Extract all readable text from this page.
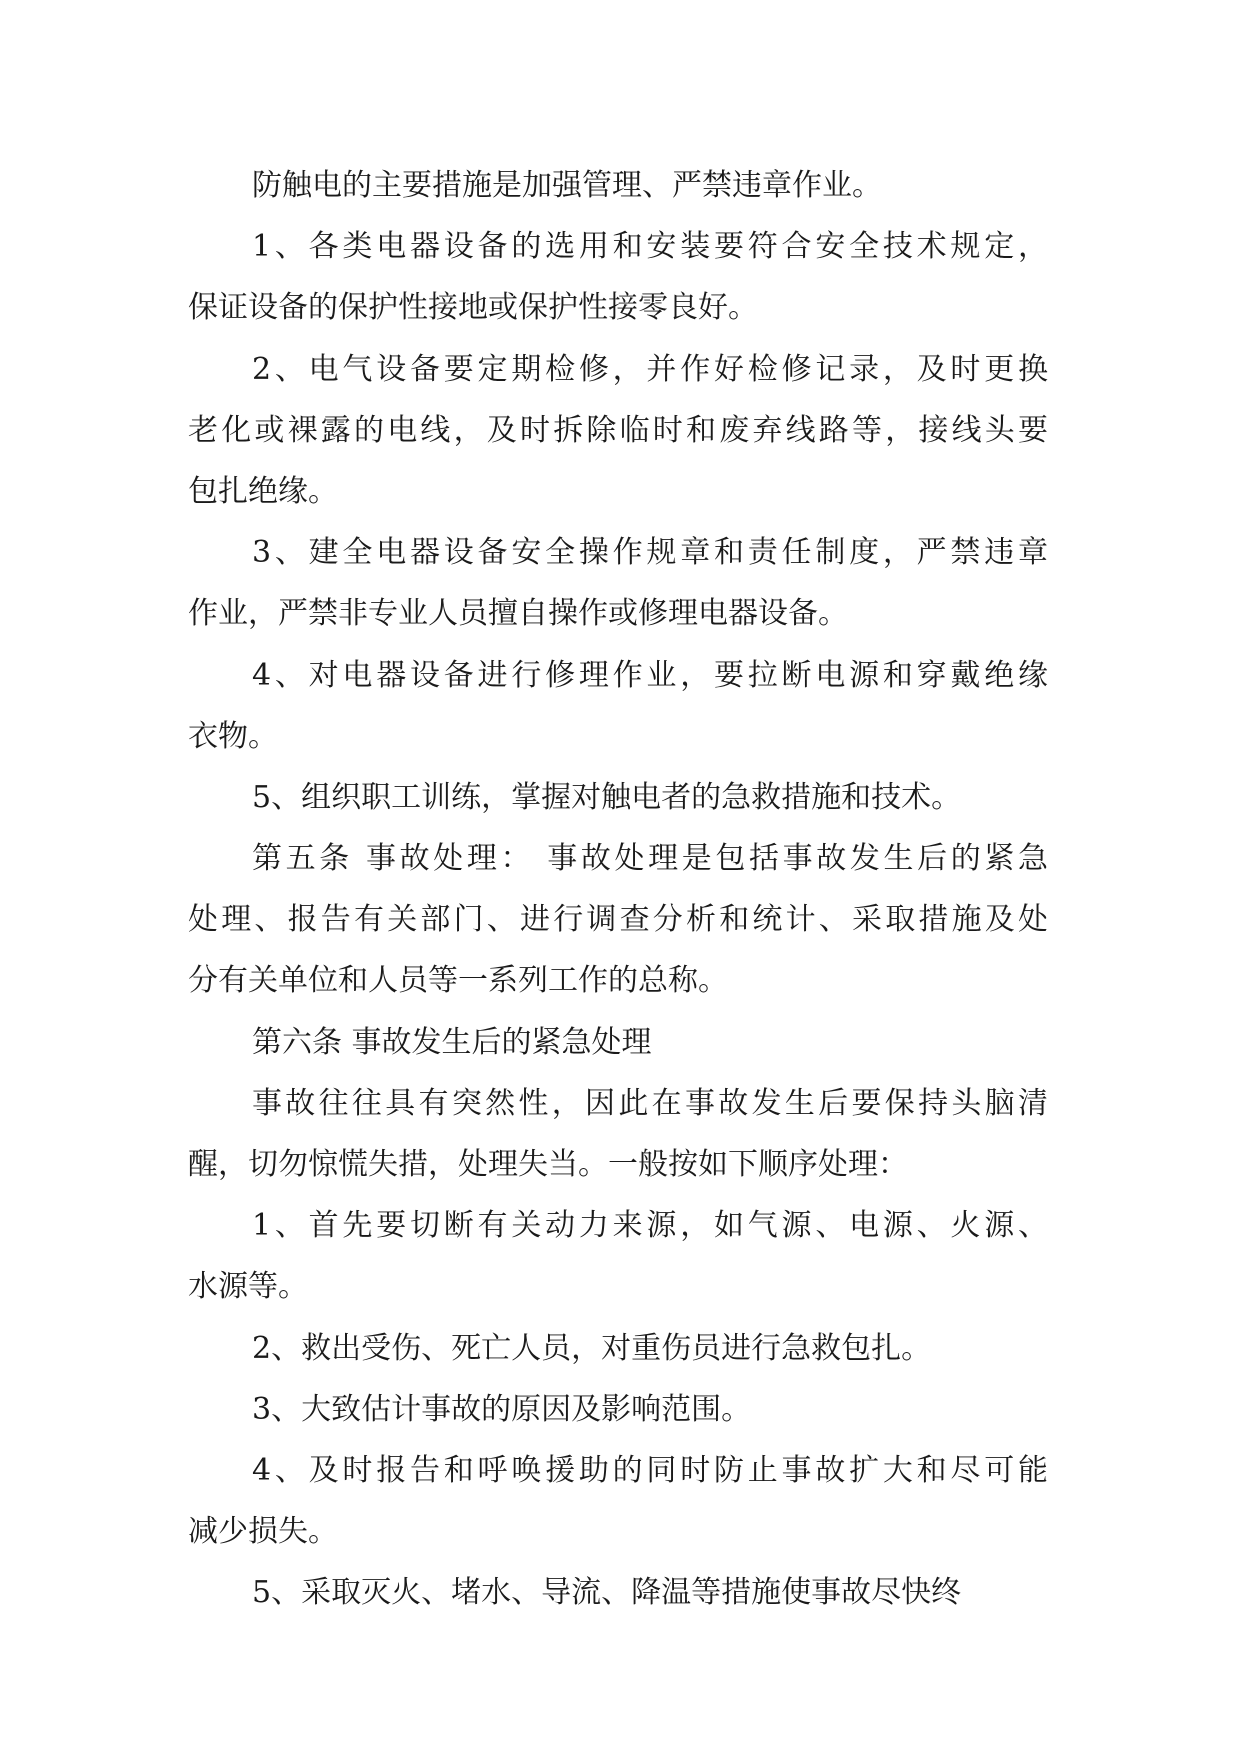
防触电的主要措施是加强管理、严禁违章作业。
1、各类电器设备的选用和安装要符合安全技术规定，
保证设备的保护性接地或保护性接零良好。
2、电气设备要定期检修，并作好检修记录，及时更换
老化或裸露的电线，及时拆除临时和废弃线路等，接线头要
包扎绝缘。
3、建全电器设备安全操作规章和责任制度，严禁违章
作业，严禁非专业人员擅自操作或修理电器设备。
4、对电器设备进行修理作业，要拉断电源和穿戴绝缘
衣物。
5、组织职工训练，掌握对触电者的急救措施和技术。
第五条 事故处理： 事故处理是包括事故发生后的紧急
处理、报告有关部门、进行调查分析和统计、采取措施及处
分有关单位和人员等一系列工作的总称。
第六条 事故发生后的紧急处理
事故往往具有突然性，因此在事故发生后要保持头脑清
醒，切勿惊慌失措，处理失当。一般按如下顺序处理：
1、首先要切断有关动力来源，如气源、电源、火源、
水源等。
2、救出受伤、死亡人员，对重伤员进行急救包扎。
3、大致估计事故的原因及影响范围。
4、及时报告和呼唤援助的同时防止事故扩大和尽可能
减少损失。
5、采取灭火、堵水、导流、降温等措施使事故尽快终
